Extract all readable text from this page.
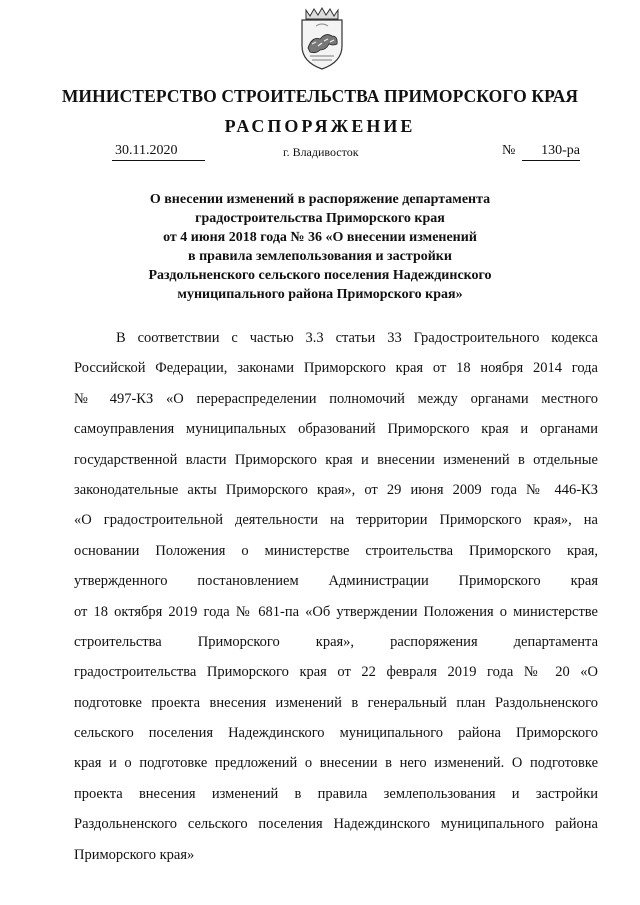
МИНИСТЕРСТВО СТРОИТЕЛЬСТВА ПРИМОРСКОГО КРАЯ
РАСПОРЯЖЕНИЕ
30.11.2020	г. Владивосток	№	130-ра
О внесении изменений в распоряжение департамента
градостроительства Приморского края
от 4 июня 2018 года № 36 «О внесении изменений
в правила землепользования и застройки
Раздольненского сельского поселения Надеждинского
муниципального района Приморского края»
В соответствии с частью 3.3 статьи 33 Градостроительного кодекса
Российской Федерации, законами Приморского края от 18 ноября 2014 года
№ 497-КЗ «О перераспределении полномочий между органами местного
самоуправления муниципальных образований Приморского края и органами
государственной власти Приморского края и внесении изменений в отдельные
законодательные акты Приморского края», от 29 июня 2009 года № 446-КЗ
«О градостроительной деятельности на территории Приморского края», на
основании Положения о министерстве строительства Приморского края,
утвержденного постановлением Администрации Приморского края
от 18 октября 2019 года № 681-па «Об утверждении Положения о министерстве
строительства Приморского края», распоряжения департамента
градостроительства Приморского края от 22 февраля 2019 года № 20 «О
подготовке проекта внесения изменений в генеральный план Раздольненского
сельского поселения Надеждинского муниципального района Приморского
края и о подготовке предложений о внесении в него изменений. О подготовке
проекта внесения изменений в правила землепользования и застройки
Раздольненского сельского поселения Надеждинского муниципального района
Приморского края»
